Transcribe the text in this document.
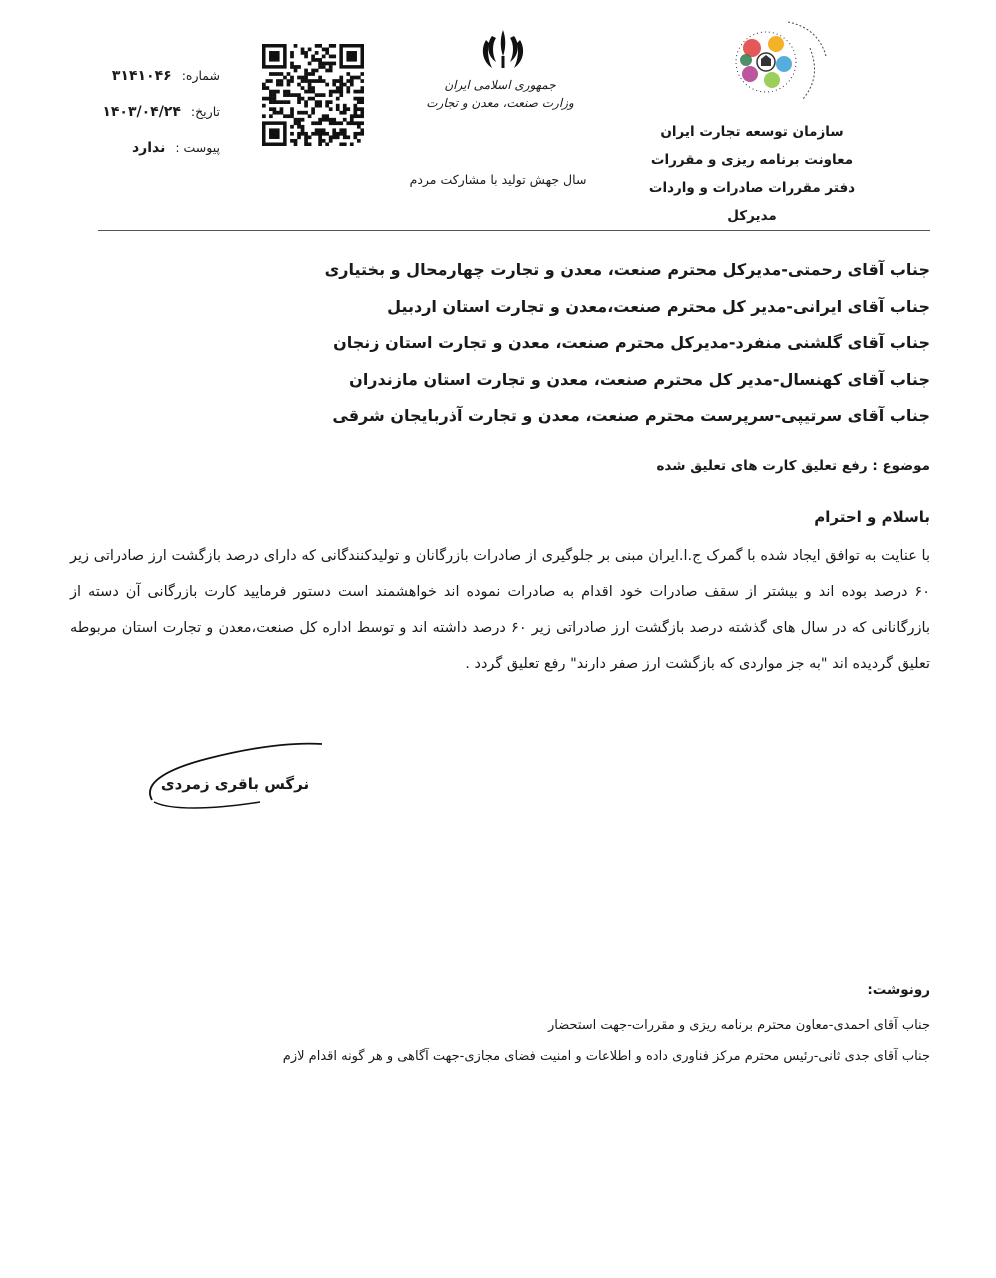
سازمان توسعه تجارت ایران
معاونت برنامه ریزی و مقررات
دفتر مقررات صادرات و واردات
مدیرکل
جمهوری اسلامی ایران
وزارت صنعت، معدن و تجارت
سال جهش تولید با مشارکت مردم
شماره:
۳۱۴۱۰۴۶
تاریخ:
۱۴۰۳/۰۴/۲۴
پیوست :
ندارد
جناب آقای رحمتی-مدیرکل محترم صنعت، معدن و تجارت چهارمحال و بختیاری
جناب آقای ایرانی-مدیر کل محترم صنعت،معدن و تجارت استان اردبیل
جناب آقای گلشنی منفرد-مدیرکل محترم صنعت، معدن و تجارت استان زنجان
جناب آقای کهنسال-مدیر کل محترم صنعت، معدن و تجارت استان مازندران
جناب آقای سرتیپی-سرپرست محترم صنعت، معدن و تجارت آذربایجان شرقی
موضوع : رفع تعلیق کارت های تعلیق شده
باسلام و احترام
با عنایت به توافق ایجاد شده با گمرک ج.ا.ایران مبنی بر جلوگیری از صادرات بازرگانان و تولیدکنندگانی که دارای درصد بازگشت ارز صادراتی زیر ۶۰ درصد بوده اند و بیشتر از سقف صادرات خود اقدام به صادرات نموده اند خواهشمند است دستور فرمایید کارت بازرگانی آن دسته از بازرگانانی که در سال های گذشته درصد بازگشت ارز صادراتی زیر ۶۰ درصد داشته اند و توسط اداره کل صنعت،معدن و تجارت استان مربوطه تعلیق گردیده اند "به جز مواردی که بازگشت ارز صفر دارند" رفع تعلیق گردد .
نرگس باقری زمردی
رونوشت:
جناب آقای احمدی-معاون محترم برنامه ریزی و مقررات-جهت استحضار
جناب آقای جدی ثانی-رئیس محترم مرکز فناوری داده و اطلاعات و امنیت فضای مجازی-جهت آگاهی و هر گونه اقدام لازم
